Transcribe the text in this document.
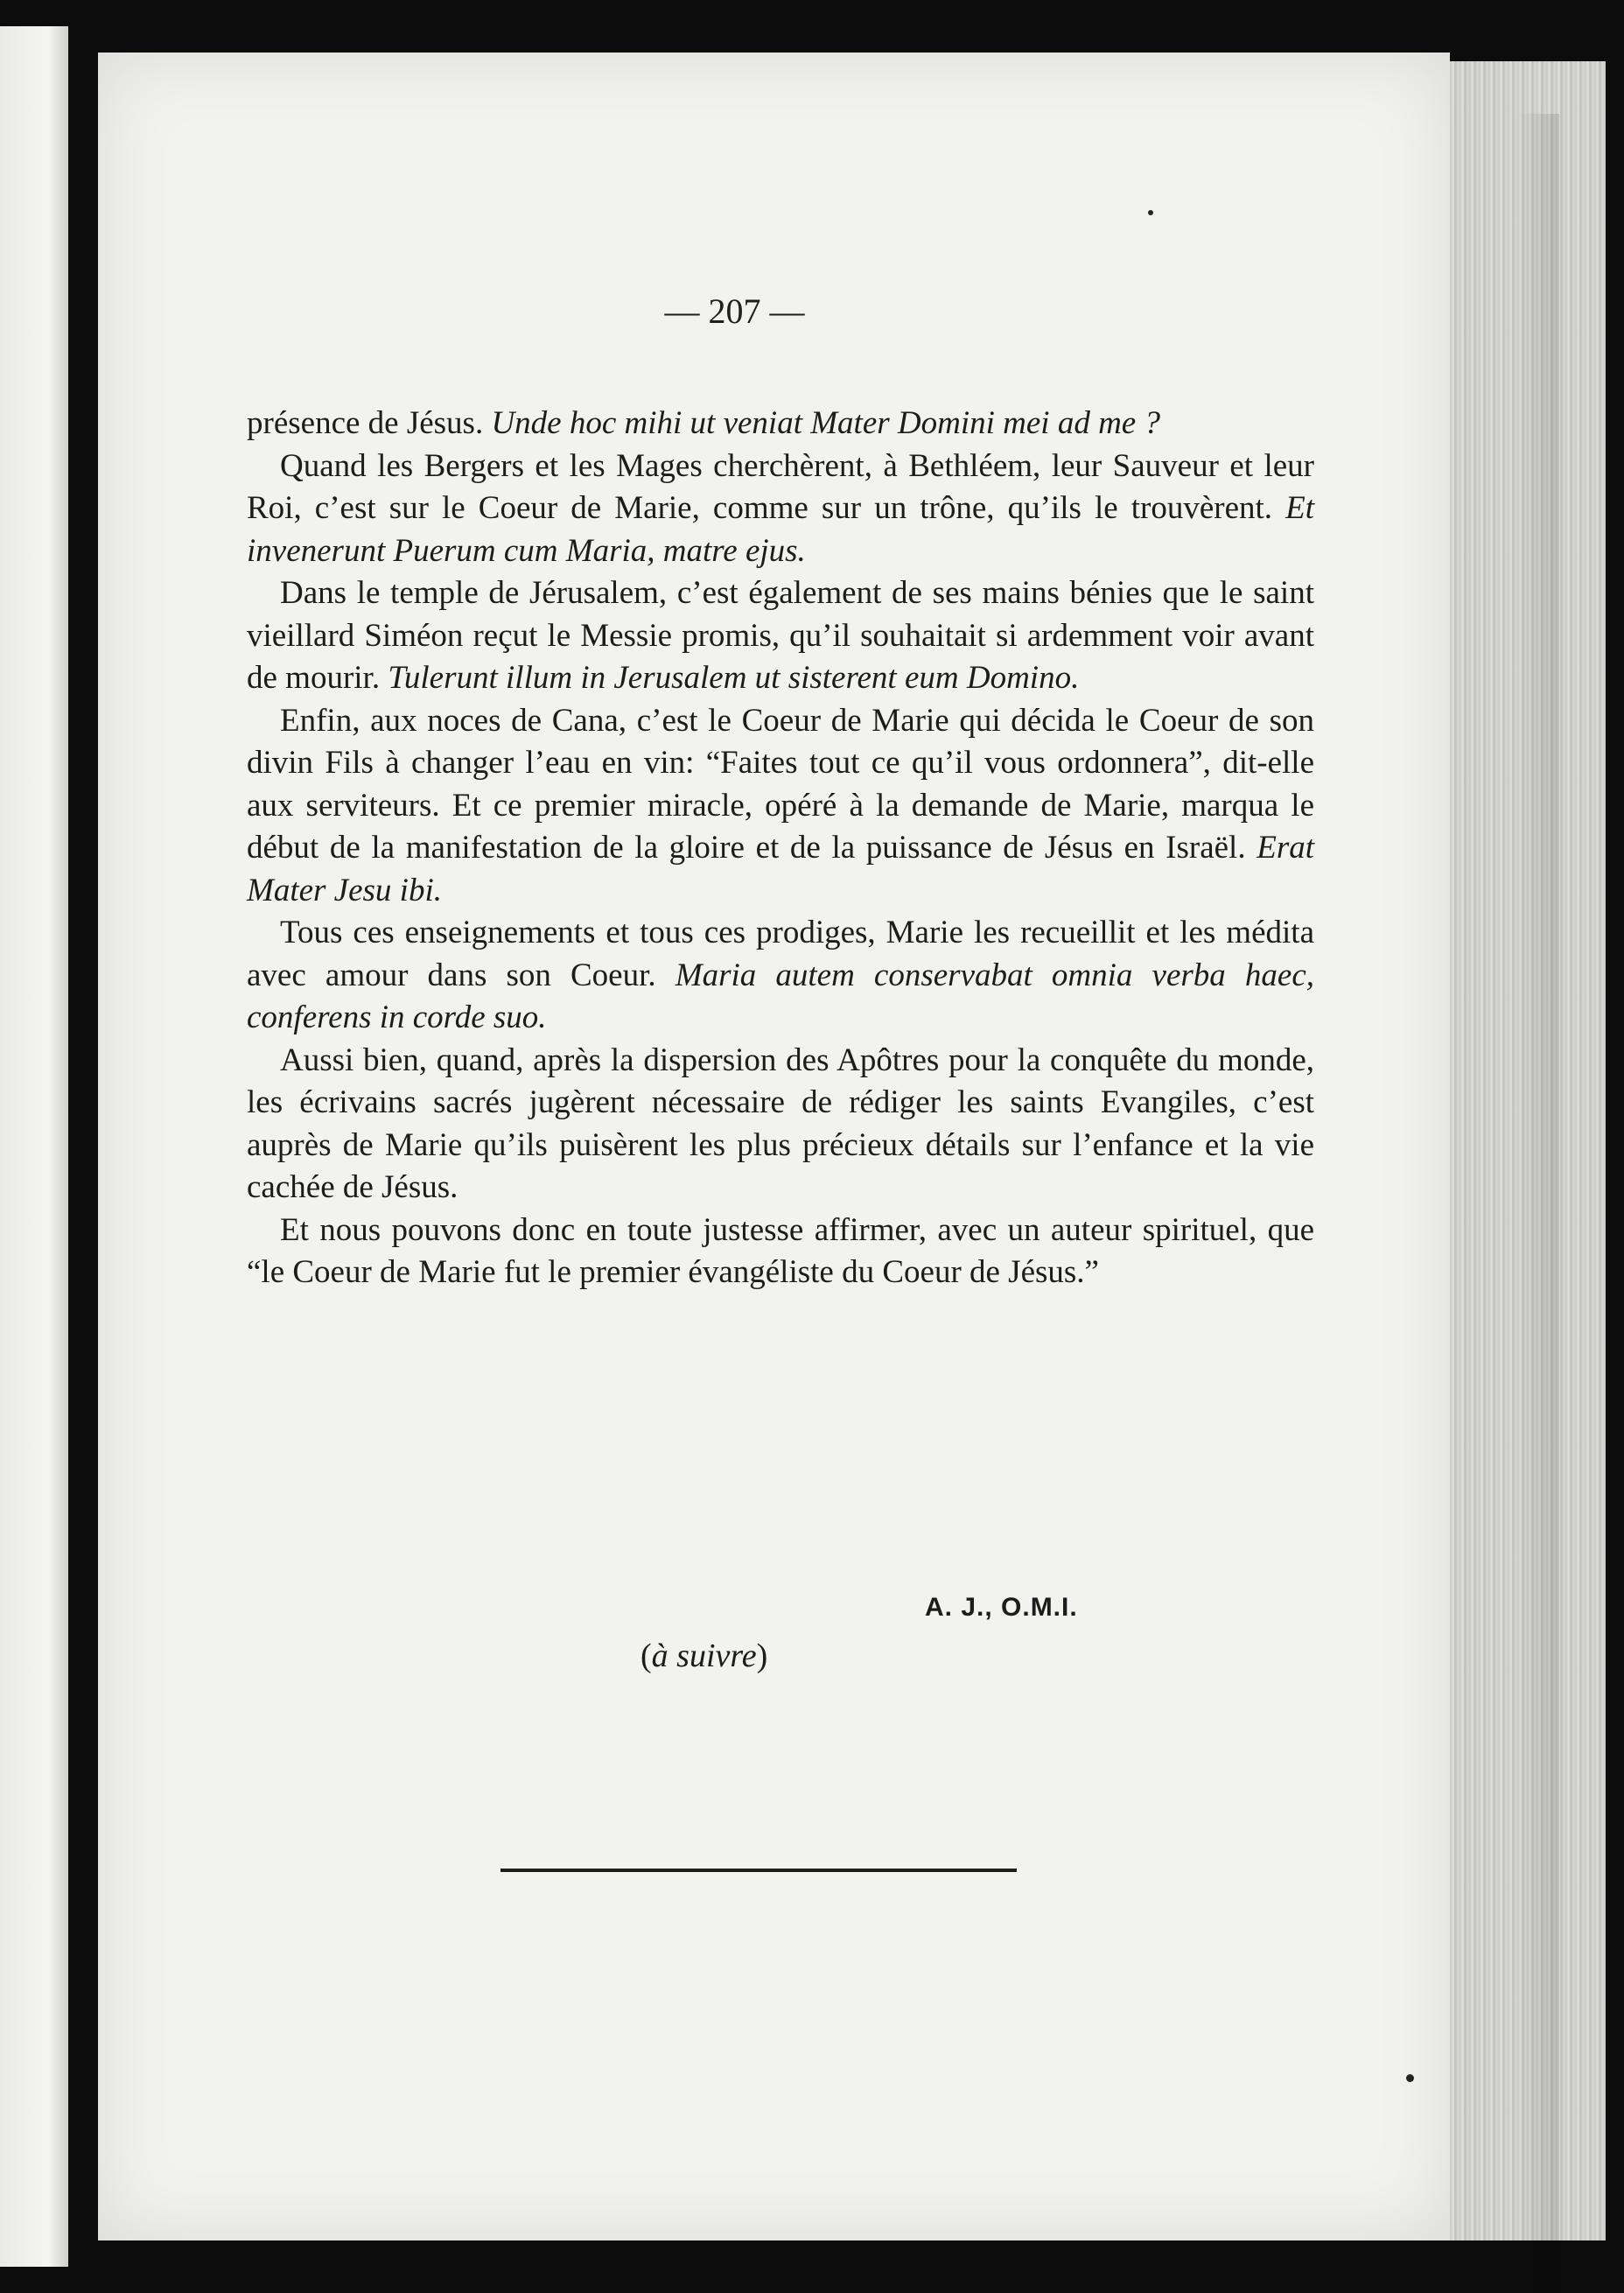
— 207 —

présence de Jésus. Unde hoc mihi ut veniat Mater Domini mei ad me ?

Quand les Bergers et les Mages cherchèrent, à Bethléem, leur Sauveur et leur Roi, c’est sur le Coeur de Marie, comme sur un trône, qu’ils le trouvèrent. Et invenerunt Puerum cum Maria, matre ejus.

Dans le temple de Jérusalem, c’est également de ses mains bénies que le saint vieillard Siméon reçut le Messie promis, qu’il souhaitait si ardemment voir avant de mourir. Tulerunt illum in Jerusalem ut sisterent eum Domino.

Enfin, aux noces de Cana, c’est le Coeur de Marie qui décida le Coeur de son divin Fils à changer l’eau en vin: “Faites tout ce qu’il vous ordonnera”, dit-elle aux serviteurs. Et ce premier miracle, opéré à la demande de Marie, marqua le début de la manifestation de la gloire et de la puissance de Jésus en Israël. Erat Mater Jesu ibi.

Tous ces enseignements et tous ces prodiges, Marie les recueillit et les médita avec amour dans son Coeur. Maria autem conservabat omnia verba haec, conferens in corde suo.

Aussi bien, quand, après la dispersion des Apôtres pour la conquête du monde, les écrivains sacrés jugèrent nécessaire de rédiger les saints Evangiles, c’est auprès de Marie qu’ils puisèrent les plus précieux détails sur l’enfance et la vie cachée de Jésus.

Et nous pouvons donc en toute justesse affirmer, avec un auteur spirituel, que “le Coeur de Marie fut le premier évangéliste du Coeur de Jésus.”

A. J., O.M.I.
(à suivre)
